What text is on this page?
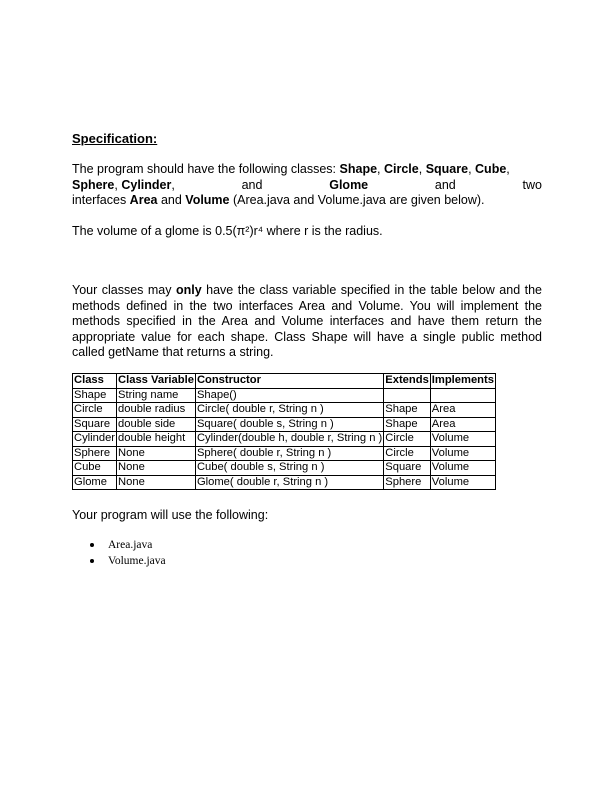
Specification:
The program should have the following classes: Shape, Circle, Square, Cube,
Sphere, Cylinder,	and	Glome	and	two
interfaces Area and Volume (Area.java and Volume.java are given below).
The volume of a glome is 0.5(π²)r⁴ where r is the radius.
Your classes may only have the class variable specified in the table below and the methods defined in the two interfaces Area and Volume. You will implement the methods specified in the Area and Volume interfaces and have them return the appropriate value for each shape. Class Shape will have a single public method called getName that returns a string.
Class	Class Variable	Constructor	Extends	Implements
Shape	String name	Shape()		
Circle	double radius	Circle( double r, String n )	Shape	Area
Square	double side	Square( double s, String n )	Shape	Area
Cylinder	double height	Cylinder(double h, double r, String n )	Circle	Volume
Sphere	None	Sphere( double r, String n )	Circle	Volume
Cube	None	Cube( double s, String n )	Square	Volume
Glome	None	Glome( double r, String n )	Sphere	Volume
Your program will use the following:
Area.java
Volume.java
